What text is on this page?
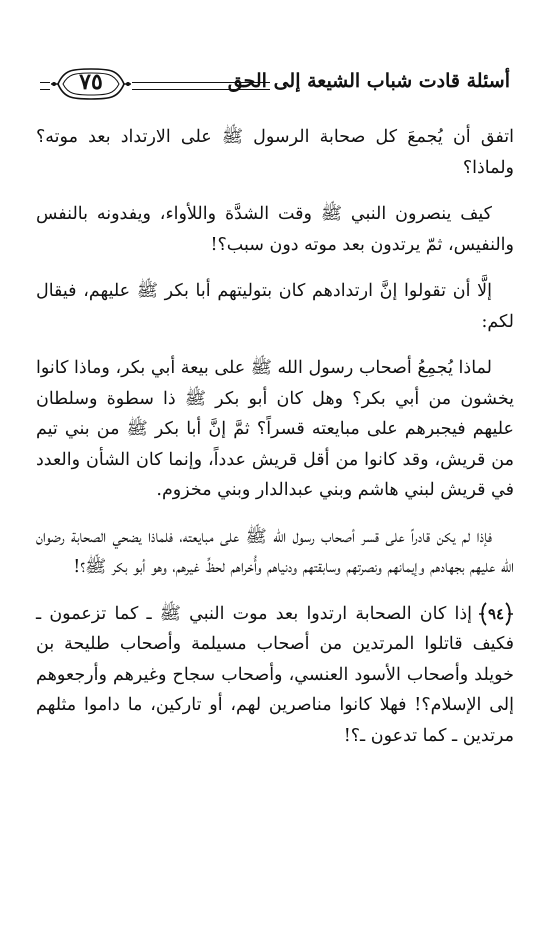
أسئلة قادت شباب الشيعة إلى الحق
٧٥

اتفق أن يُجمعَ كل صحابة الرسول ﷺ على الارتداد بعد موته؟ ولماذا؟

كيف ينصرون النبي ﷺ وقت الشدَّة واللأواء، ويفدونه بالنفس والنفيس، ثمّ يرتدون بعد موته دون سبب؟!

إلَّا أن تقولوا إنَّ ارتدادهم كان بتوليتهم أبا بكر ﷺ عليهم، فيقال لكم:

لماذا يُجمِعُ أصحاب رسول الله ﷺ على بيعة أبي بكر، وماذا كانوا يخشون من أبي بكر؟ وهل كان أبو بكر ﷺ ذا سطوة وسلطان عليهم فيجبرهم على مبايعته قسراً؟ ثمَّ إنَّ أبا بكر ﷺ من بني تيم من قريش، وقد كانوا من أقل قريش عدداً، وإنما كان الشأن والعدد في قريش لبني هاشم وبني عبدالدار وبني مخزوم.

فإذا لم يكن قادراً على قسر أصحاب رسول الله ﷺ على مبايعته، فلماذا يضحي الصحابة رضوان الله عليهم بجهادهم وإيمانهم ونصرتهم وسابقتهم ودنياهم وأُخراهم لحظِّ غيرهم، وهو أبو بكر ﷺ؟!

٩٤
إذا كان الصحابة ارتدوا بعد موت النبي ﷺ ـ كما تزعمون ـ فكيف قاتلوا المرتدين من أصحاب مسيلمة وأصحاب طليحة بن خويلد وأصحاب الأسود العنسي، وأصحاب سجاح وغيرهم وأرجعوهم إلى الإسلام؟! فهلا كانوا مناصرين لهم، أو تاركين، ما داموا مثلهم مرتدين ـ كما تدعون ـ؟!
